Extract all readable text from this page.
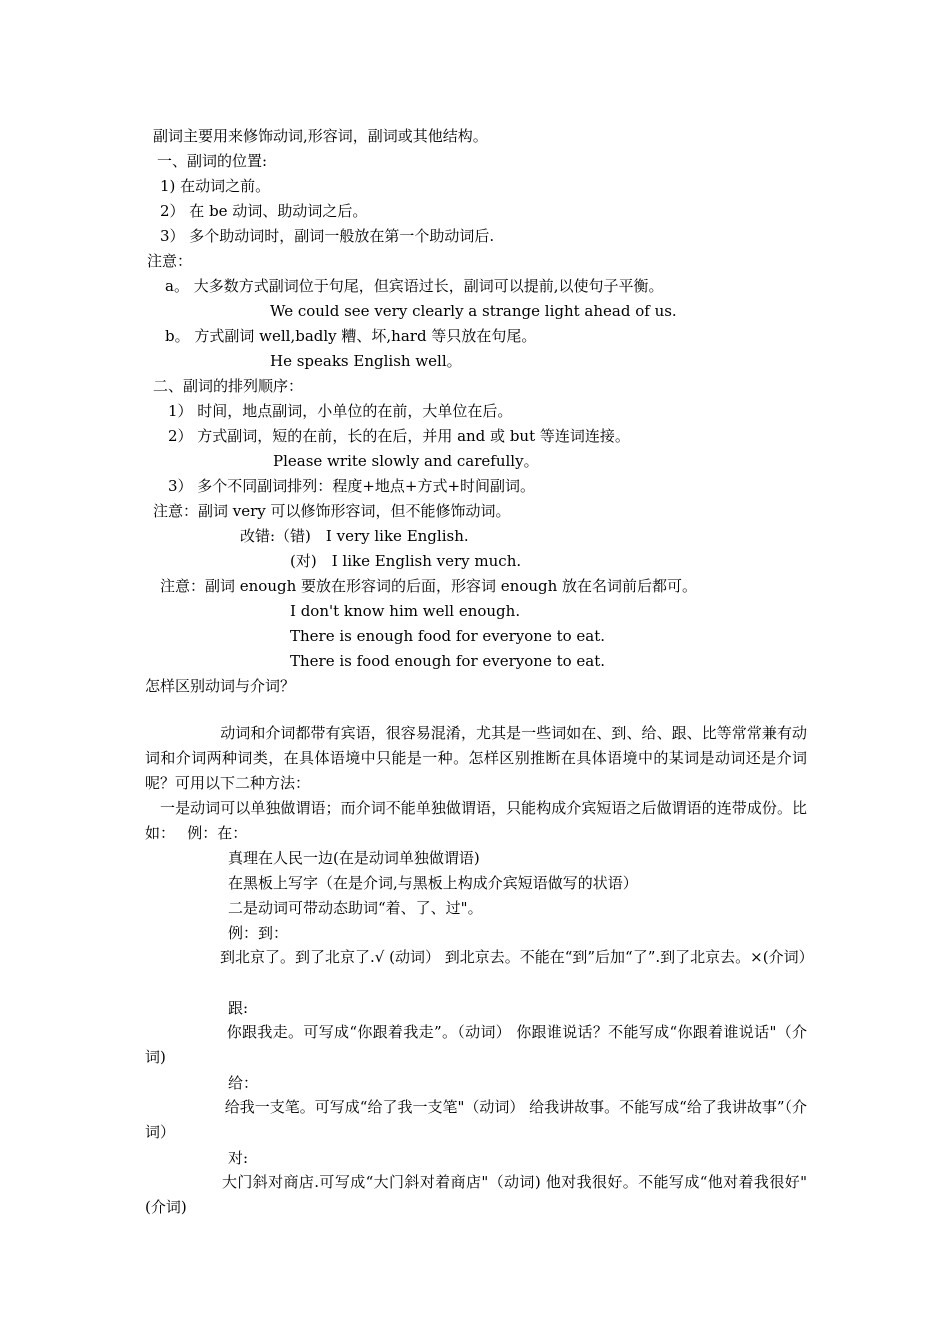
副词主要用来修饰动词,形容词，副词或其他结构。
一、副词的位置:
1) 在动词之前。
2） 在 be 动词、助动词之后。
3） 多个助动词时，副词一般放在第一个助动词后.
注意：
a。 大多数方式副词位于句尾，但宾语过长，副词可以提前,以使句子平衡。
We could see very clearly a strange light ahead of us.
b。 方式副词 well,badly 糟、坏,hard 等只放在句尾。
He speaks English well。
二、副词的排列顺序：
1） 时间，地点副词，小单位的在前，大单位在后。
2） 方式副词，短的在前，长的在后，并用 and 或 but 等连词连接。
Please write slowly and carefully。
3） 多个不同副词排列：程度+地点+方式+时间副词。
注意：副词 very 可以修饰形容词，但不能修饰动词。
改错:（错)　I very like English.
(对)　I like English very much.
注意：副词 enough 要放在形容词的后面，形容词 enough 放在名词前后都可。
I don't know him well enough.
There is enough food for everyone to eat.
There is food enough for everyone to eat.
怎样区别动词与介词？
　　　　　动词和介词都带有宾语，很容易混淆，尤其是一些词如在、到、给、跟、比等常常兼有动词和介词两种词类，在具体语境中只能是一种。怎样区别推断在具体语境中的某词是动词还是介词呢？可用以下二种方法：
　一是动词可以单独做谓语；而介词不能单独做谓语，只能构成介宾短语之后做谓语的连带成份。比如：　 例：在：
真理在人民一边(在是动词单独做谓语)
在黑板上写字（在是介词,与黑板上构成介宾短语做写的状语）
二是动词可带动态助词“着、了、过"。
例：到：
　　　　　到北京了。到了北京了.√ (动词） 到北京去。不能在“到”后加“了”.到了北京去。×(介词）
跟:
　　　　　 你跟我走。可写成“你跟着我走”。（动词） 你跟谁说话？不能写成“你跟着谁说话"（介词)
给：
　　　　　 给我一支笔。可写成“给了我一支笔"（动词） 给我讲故事。不能写成“给了我讲故事”（介词）
对:
　　　　　大门斜对商店.可写成“大门斜对着商店"（动词) 他对我很好。不能写成“他对着我很好"(介词)
